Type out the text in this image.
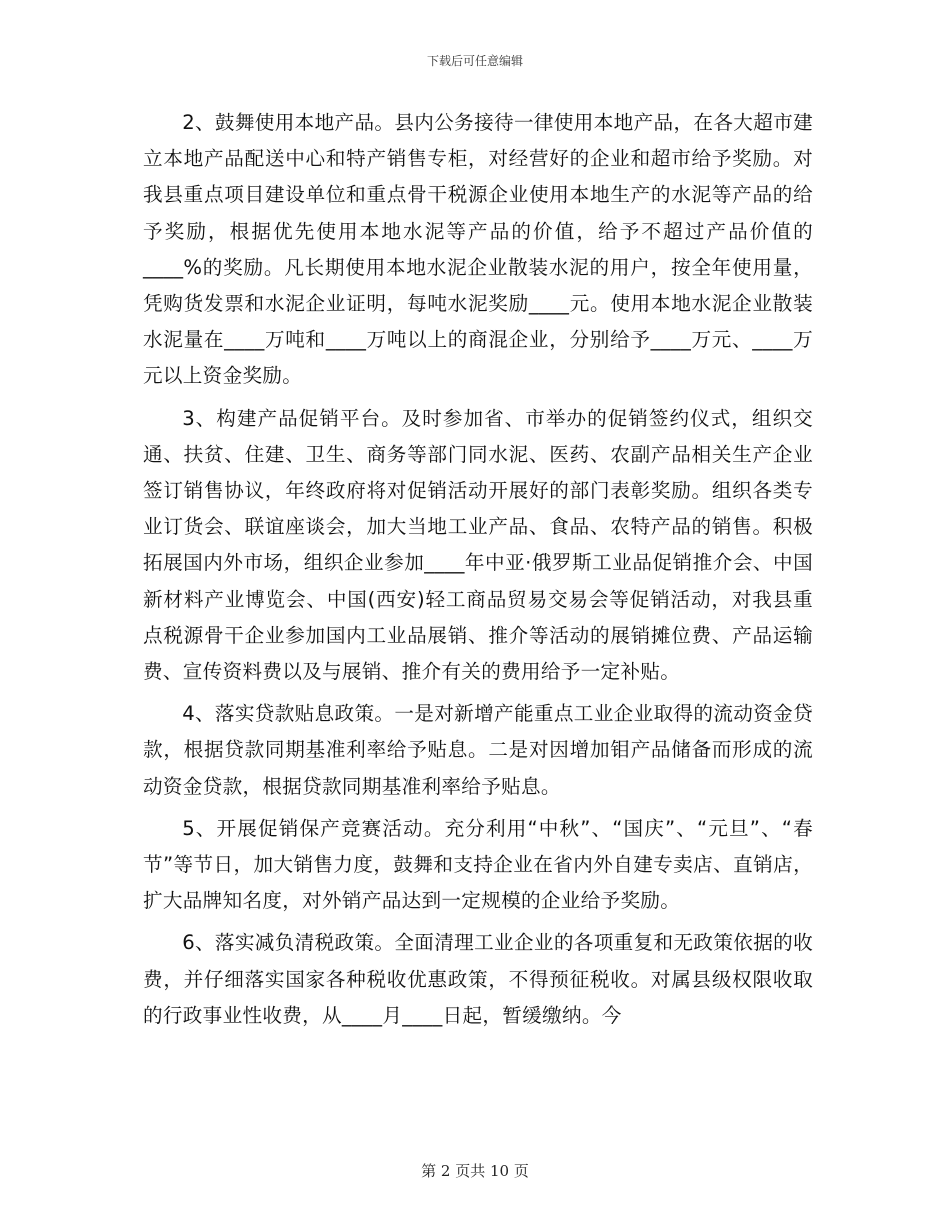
下载后可任意编辑

2、鼓舞使用本地产品。县内公务接待一律使用本地产品，在各大超市建立本地产品配送中心和特产销售专柜，对经营好的企业和超市给予奖励。对我县重点项目建设单位和重点骨干税源企业使用本地生产的水泥等产品的给予奖励，根据优先使用本地水泥等产品的价值，给予不超过产品价值的____%的奖励。凡长期使用本地水泥企业散装水泥的用户，按全年使用量，凭购货发票和水泥企业证明，每吨水泥奖励____元。使用本地水泥企业散装水泥量在____万吨和____万吨以上的商混企业，分别给予____万元、____万元以上资金奖励。

3、构建产品促销平台。及时参加省、市举办的促销签约仪式，组织交通、扶贫、住建、卫生、商务等部门同水泥、医药、农副产品相关生产企业签订销售协议，年终政府将对促销活动开展好的部门表彰奖励。组织各类专业订货会、联谊座谈会，加大当地工业产品、食品、农特产品的销售。积极拓展国内外市场，组织企业参加____年中亚·俄罗斯工业品促销推介会、中国新材料产业博览会、中国(西安)轻工商品贸易交易会等促销活动，对我县重点税源骨干企业参加国内工业品展销、推介等活动的展销摊位费、产品运输费、宣传资料费以及与展销、推介有关的费用给予一定补贴。

4、落实贷款贴息政策。一是对新增产能重点工业企业取得的流动资金贷款，根据贷款同期基准利率给予贴息。二是对因增加钼产品储备而形成的流动资金贷款，根据贷款同期基准利率给予贴息。

5、开展促销保产竞赛活动。充分利用“中秋”、“国庆”、“元旦”、“春节”等节日，加大销售力度，鼓舞和支持企业在省内外自建专卖店、直销店，扩大品牌知名度，对外销产品达到一定规模的企业给予奖励。

6、落实减负清税政策。全面清理工业企业的各项重复和无政策依据的收费，并仔细落实国家各种税收优惠政策，不得预征税收。对属县级权限收取的行政事业性收费，从____月____日起，暂缓缴纳。今

第 2 页共 10 页
